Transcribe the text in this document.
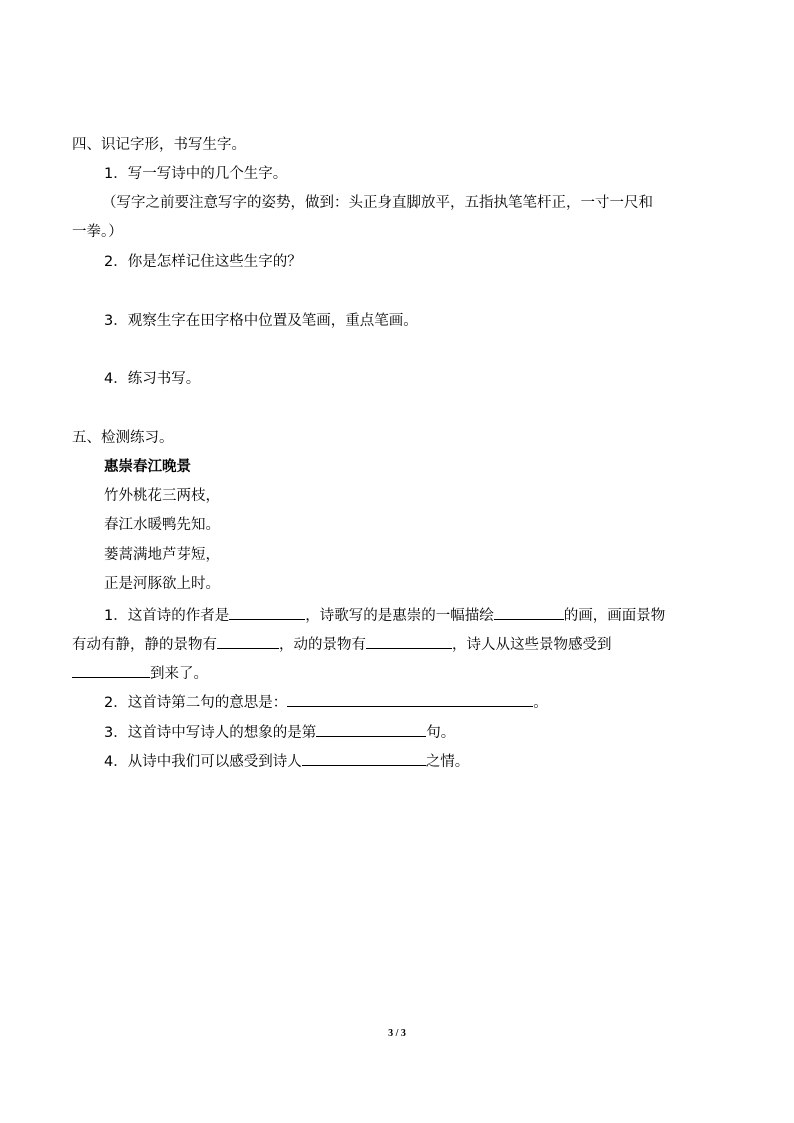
四、识记字形，书写生字。
1．写一写诗中的几个生字。
（写字之前要注意写字的姿势，做到：头正身直脚放平，五指执笔笔杆正，一寸一尺和
一拳。）
2．你是怎样记住这些生字的？
3．观察生字在田字格中位置及笔画，重点笔画。
4．练习书写。
五、检测练习。
惠崇春江晚景
竹外桃花三两枝，
春江水暖鸭先知。
蒌蒿满地芦芽短，
正是河豚欲上时。
1．这首诗的作者是	，诗歌写的是惠崇的一幅描绘	的画，画面景物
有动有静，静的景物有	，动的景物有	，诗人从这些景物感受到
到来了。
2．这首诗第二句的意思是：	。
3．这首诗中写诗人的想象的是第	句。
4．从诗中我们可以感受到诗人	之情。
3 / 3
